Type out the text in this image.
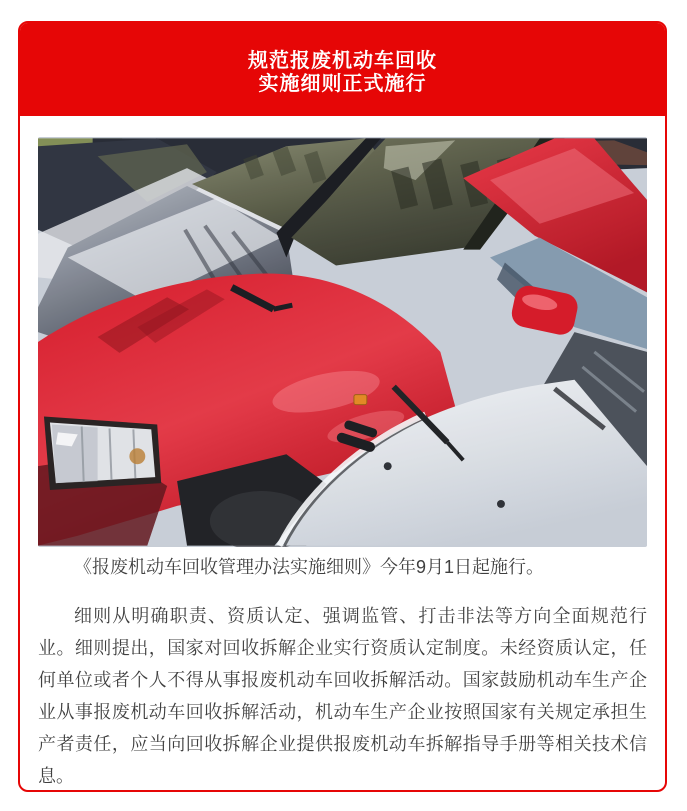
规范报废机动车回收
实施细则正式施行

《报废机动车回收管理办法实施细则》今年9月1日起施行。

细则从明确职责、资质认定、强调监管、打击非法等方向全面规范行业。细则提出，国家对回收拆解企业实行资质认定制度。未经资质认定，任何单位或者个人不得从事报废机动车回收拆解活动。国家鼓励机动车生产企业从事报废机动车回收拆解活动，机动车生产企业按照国家有关规定承担生产者责任，应当向回收拆解企业提供报废机动车拆解指导手册等相关技术信息。
